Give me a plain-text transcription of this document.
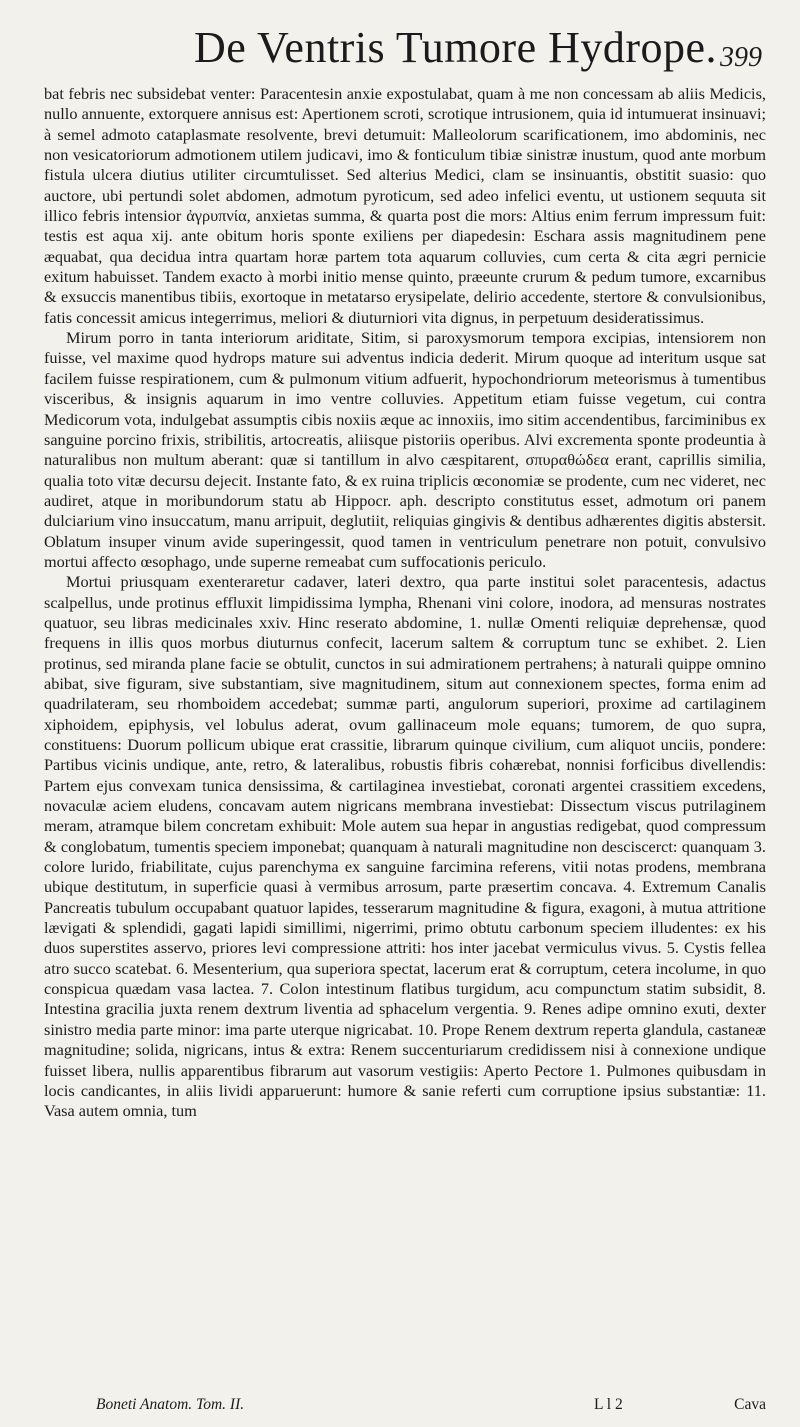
De Ventris Tumore Hydrope. 399

bat febris nec subsidebat venter: Paracentesin anxie expostulabat, quam à me non concessam ab aliis Medicis, nullo annuente, extorquere annisus est: Apertionem scroti, scrotique intrusionem, quia id intumuerat insinuavi; à semel admoto cataplasmate resolvente, brevi detumuit: Malleolorum scarificationem, imo abdominis, nec non vesicatoriorum admotionem utilem judicavi, imo & fonticulum tibiæ sinistræ inustum, quod ante morbum fistula ulcera diutius utiliter circumtulisset. Sed alterius Medici, clam se insinuantis, obstitit suasio: quo auctore, ubi pertundi solet abdomen, admotum pyroticum, sed adeo infelici eventu, ut ustionem sequuta sit illico febris intensior ἀγρυπνία, anxietas summa, & quarta post die mors: Altius enim ferrum impressum fuit: testis est aqua xij. ante obitum horis sponte exiliens per diapedesin: Eschara assis magnitudinem pene æquabat, qua decidua intra quartam horæ partem tota aquarum colluvies, cum certa & cita ægri pernicie exitum habuisset. Tandem exacto à morbi initio mense quinto, præeunte crurum & pedum tumore, excarnibus & exsuccis manentibus tibiis, exortoque in metatarso erysipelate, delirio accedente, stertore & convulsionibus, fatis concessit amicus integerrimus, meliori & diuturniori vita dignus, in perpetuum desideratissimus.

Mirum porro in tanta interiorum ariditate, Sitim, si paroxysmorum tempora excipias, intensiorem non fuisse, vel maxime quod hydrops mature sui adventus indicia dederit. Mirum quoque ad interitum usque sat facilem fuisse respirationem, cum & pulmonum vitium adfuerit, hypochondriorum meteorismus à tumentibus visceribus, & insignis aquarum in imo ventre colluvies. Appetitum etiam fuisse vegetum, cui contra Medicorum vota, indulgebat assumptis cibis noxiis æque ac innoxiis, imo sitim accendentibus, farciminibus ex sanguine porcino frixis, stribilitis, artocreatis, aliisque pistoriis operibus. Alvi excrementa sponte prodeuntia à naturalibus non multum aberant: quæ si tantillum in alvo cæspitarent, σπυραθώδεα erant, caprillis similia, qualia toto vitæ decursu dejecit. Instante fato, & ex ruina triplicis œconomiæ se prodente, cum nec videret, nec audiret, atque in moribundorum statu ab Hippocr. aph. descripto constitutus esset, admotum ori panem dulciarium vino insuccatum, manu arripuit, deglutiit, reliquias gingivis & dentibus adhærentes digitis abstersit. Oblatum insuper vinum avide superingessit, quod tamen in ventriculum penetrare non potuit, convulsivo mortui affecto œsophago, unde superne remeabat cum suffocationis periculo.

Mortui priusquam exenteraretur cadaver, lateri dextro, qua parte institui solet paracentesis, adactus scalpellus, unde protinus effluxit limpidissima lympha, Rhenani vini colore, inodora, ad mensuras nostrates quatuor, seu libras medicinales xxiv. Hinc reserato abdomine, 1. nullæ Omenti reliquiæ deprehensæ, quod frequens in illis quos morbus diuturnus confecit, lacerum saltem & corruptum tunc se exhibet. 2. Lien protinus, sed miranda plane facie se obtulit, cunctos in sui admirationem pertrahens; à naturali quippe omnino abibat, sive figuram, sive substantiam, sive magnitudinem, situm aut connexionem spectes, forma enim ad quadrilateram, seu rhomboidem accedebat; summæ parti, angulorum superiori, proxime ad cartilaginem xiphoidem, epiphysis, vel lobulus aderat, ovum gallinaceum mole equans; tumorem, de quo supra, constituens: Duorum pollicum ubique erat crassitie, librarum quinque civilium, cum aliquot unciis, pondere: Partibus vicinis undique, ante, retro, & lateralibus, robustis fibris cohærebat, nonnisi forficibus divellendis: Partem ejus convexam tunica densissima, & cartilaginea investiebat, coronati argentei crassitiem excedens, novaculæ aciem eludens, concavam autem nigricans membrana investiebat: Dissectum viscus putrilaginem meram, atramque bilem concretam exhibuit: Mole autem sua hepar in angustias redigebat, quod compressum & conglobatum, tumentis speciem imponebat; quanquam à naturali magnitudine non desciscerct: quanquam 3. colore lurido, friabilitate, cujus parenchyma ex sanguine farcimina referens, vitii notas prodens, membrana ubique destitutum, in superficie quasi à vermibus arrosum, parte præsertim concava. 4. Extremum Canalis Pancreatis tubulum occupabant quatuor lapides, tesserarum magnitudine & figura, exagoni, à mutua attritione lævigati & splendidi, gagati lapidi simillimi, nigerrimi, primo obtutu carbonum speciem illudentes: ex his duos superstites asservo, priores levi compressione attriti: hos inter jacebat vermiculus vivus. 5. Cystis fellea atro succo scatebat. 6. Mesenterium, qua superiora spectat, lacerum erat & corruptum, cetera incolume, in quo conspicua quædam vasa lactea. 7. Colon intestinum flatibus turgidum, acu compunctum statim subsidit, 8. Intestina gracilia juxta renem dextrum liventia ad sphacelum vergentia. 9. Renes adipe omnino exuti, dexter sinistro media parte minor: ima parte uterque nigricabat. 10. Prope Renem dextrum reperta glandula, castaneæ magnitudine; solida, nigricans, intus & extra: Renem succenturiarum credidissem nisi à connexione undique fuisset libera, nullis apparentibus fibrarum aut vasorum vestigiis: Aperto Pectore 1. Pulmones quibusdam in locis candicantes, in aliis lividi apparuerunt: humore & sanie referti cum corruptione ipsius substantiæ: 11. Vasa autem omnia, tum

Boneti Anatom. Tom. II.	L l 2	Cava
